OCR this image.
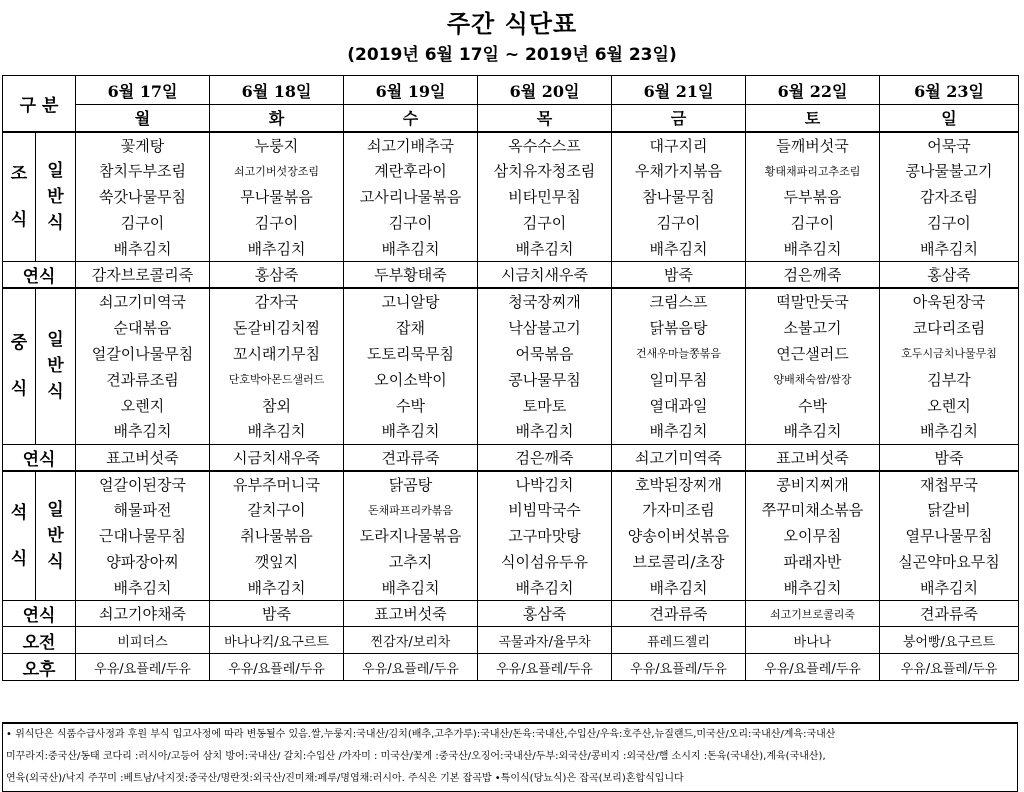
주간 식단표
(2019년 6월 17일 ~ 2019년 6월 23일)
구 분		6월 17일	6월 18일	6월 19일	6월 20일	6월 21일	6월 22일	6월 23일
		월	화	수	목	금	토	일
조
식	일
반
식	꽃게탕	누룽지	쇠고기배추국	옥수수스프	대구지리	들깨버섯국	어묵국
		참치두부조림	쇠고기버섯장조림	계란후라이	삼치유자청조림	우채가지볶음	황태채파리고추조림	콩나물불고기
		쑥갓나물무침	무나물볶음	고사리나물볶음	비타민무침	참나물무침	두부볶음	감자조림
		김구이	김구이	김구이	김구이	김구이	김구이	김구이
		배추김치	배추김치	배추김치	배추김치	배추김치	배추김치	배추김치
연식		감자브로콜리죽	홍삼죽	두부황태죽	시금치새우죽	밤죽	검은깨죽	홍삼죽
중
식	일
반
식	쇠고기미역국	감자국	고니알탕	청국장찌개	크림스프	떡말만둣국	아욱된장국
		순대볶음	돈갈비김치찜	잡채	낙삼불고기	닭볶음탕	소불고기	코다리조림
		얼갈이나물무침	꼬시래기무침	도토리묵무침	어묵볶음	건새우마늘쫑볶음	연근샐러드	호두시금치나물무침
		견과류조림	단호박아몬드샐러드	오이소박이	콩나물무침	일미무침	양배채숙쌈/쌈장	김부각
		오렌지	참외	수박	토마토	열대과일	수박	오렌지
		배추김치	배추김치	배추김치	배추김치	배추김치	배추김치	배추김치
연식		표고버섯죽	시금치새우죽	견과류죽	검은깨죽	쇠고기미역죽	표고버섯죽	밤죽
석
식	일
반
식	얼갈이된장국	유부주머니국	닭곰탕	나박김치	호박된장찌개	콩비지찌개	재첩무국
		해물파전	갈치구이	돈채파프리카볶음	비빔막국수	가자미조림	쭈꾸미채소볶음	닭갈비
		근대나물무침	취나물볶음	도라지나물볶음	고구마맛탕	양송이버섯볶음	오이무침	열무나물무침
		양파장아찌	깻잎지	고추지	식이섬유두유	브로콜리/초장	파래자반	실곤약마요무침
		배추김치	배추김치	배추김치	배추김치	배추김치	배추김치	배추김치
연식		쇠고기야채죽	밤죽	표고버섯죽	홍삼죽	견과류죽	쇠고기브로콜리죽	견과류죽
오전		비피더스	바나나킥/요구르트	찐감자/보리차	곡물과자/율무차	퓨레드젤리	바나나	붕어빵/요구르트
오후		우유/요플레/두유	우유/요플레/두유	우유/요플레/두유	우유/요플레/두유	우유/요플레/두유	우유/요플레/두유	우유/요플레/두유
• 위식단은 식품수급사정과 후원 부식 입고사정에 따라 변동될수 있음.쌀,누룽지:국내산/김치(배추,고추가루):국내산/돈육:국내산,수입산/우육:호주산,뉴질랜드,미국산/오리:국내산/계육:국내산
미꾸라지:중국산/동태 코다리 :러시아/고등어 삼치 방어:국내산/ 갈치:수입산 /가자미 : 미국산/꽃게 :중국산/오징어:국내산/두부:외국산/콩비지 :외국산/햄 소시지 :돈육(국내산),계육(국내산),
연육(외국산)/낙지 주꾸미 :베트남/낙지젓:중국산/명란젓:외국산/진미채:페루/명엽채:러시아. 주식은 기본 잡곡밥 •특이식(당뇨식)은 잡곡(보리)혼합식입니다
